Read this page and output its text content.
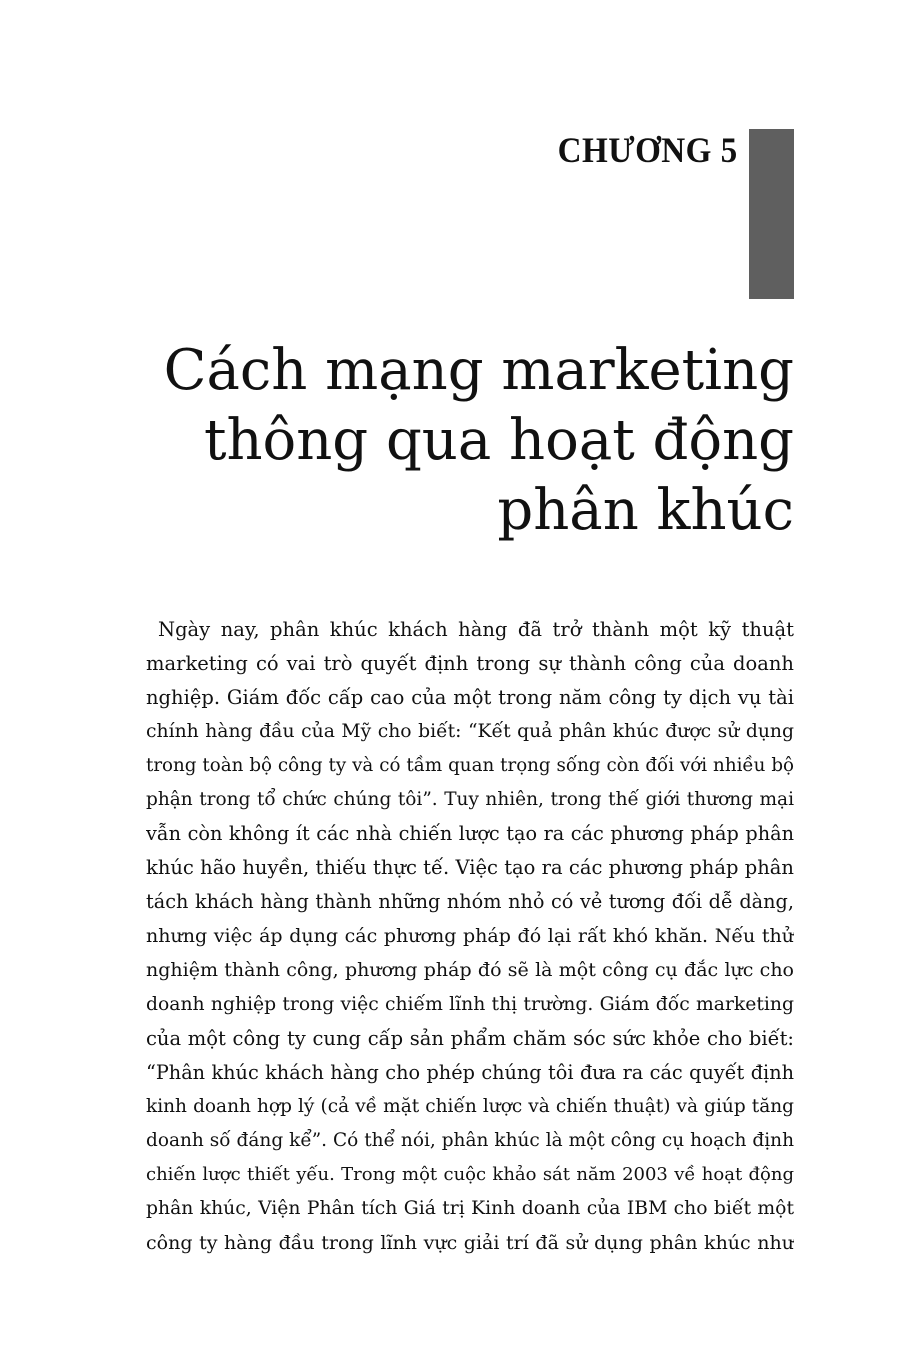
CHƯƠNG 5
Cách mạng marketing
thông qua hoạt động
phân khúc
Ngày nay, phân khúc khách hàng đã trở thành một kỹ thuật
marketing có vai trò quyết định trong sự thành công của doanh
nghiệp. Giám đốc cấp cao của một trong năm công ty dịch vụ tài
chính hàng đầu của Mỹ cho biết: “Kết quả phân khúc được sử dụng
trong toàn bộ công ty và có tầm quan trọng sống còn đối với nhiều bộ
phận trong tổ chức chúng tôi”. Tuy nhiên, trong thế giới thương mại
vẫn còn không ít các nhà chiến lược tạo ra các phương pháp phân
khúc hão huyền, thiếu thực tế. Việc tạo ra các phương pháp phân
tách khách hàng thành những nhóm nhỏ có vẻ tương đối dễ dàng,
nhưng việc áp dụng các phương pháp đó lại rất khó khăn. Nếu thử
nghiệm thành công, phương pháp đó sẽ là một công cụ đắc lực cho
doanh nghiệp trong việc chiếm lĩnh thị trường. Giám đốc marketing
của một công ty cung cấp sản phẩm chăm sóc sức khỏe cho biết:
“Phân khúc khách hàng cho phép chúng tôi đưa ra các quyết định
kinh doanh hợp lý (cả về mặt chiến lược và chiến thuật) và giúp tăng
doanh số đáng kể”. Có thể nói, phân khúc là một công cụ hoạch định
chiến lược thiết yếu. Trong một cuộc khảo sát năm 2003 về hoạt động
phân khúc, Viện Phân tích Giá trị Kinh doanh của IBM cho biết một
công ty hàng đầu trong lĩnh vực giải trí đã sử dụng phân khúc như
